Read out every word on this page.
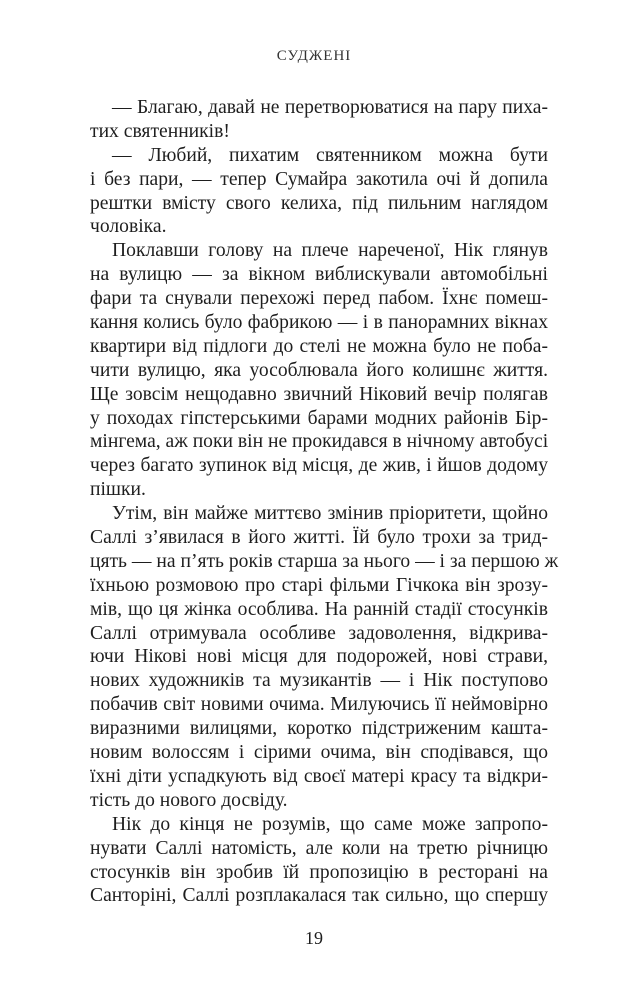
СУДЖЕНІ
— Благаю, давай не перетворюватися на пару пиха-
тих святенників!
— Любий, пихатим святенником можна бути
і без пари, — тепер Сумайра закотила очі й допила
рештки вмісту свого келиха, під пильним наглядом
чоловіка.
Поклавши голову на плече нареченої, Нік глянув
на вулицю — за вікном виблискували автомобільні
фари та снували перехожі перед пабом. Їхнє помеш-
кання колись було фабрикою — і в панорамних вікнах
квартири від підлоги до стелі не можна було не поба-
чити вулицю, яка уособлювала його колишнє життя.
Ще зовсім нещодавно звичний Ніковий вечір полягав
у походах гіпстерськими барами модних районів Бір-
мінгема, аж поки він не прокидався в нічному автобусі
через багато зупинок від місця, де жив, і йшов додому
пішки.
Утім, він майже миттєво змінив пріоритети, щойно
Саллі з’явилася в його житті. Їй було трохи за трид-
цять — на п’ять років старша за нього — і за першою ж
їхньою розмовою про старі фільми Гічкока він зрозу-
мів, що ця жінка особлива. На ранній стадії стосунків
Саллі отримувала особливе задоволення, відкрива-
ючи Нікові нові місця для подорожей, нові страви,
нових художників та музикантів — і Нік поступово
побачив світ новими очима. Милуючись її неймовірно
виразними вилицями, коротко підстриженим кашта-
новим волоссям і сірими очима, він сподівався, що
їхні діти успадкують від своєї матері красу та відкри-
тість до нового досвіду.
Нік до кінця не розумів, що саме може запропо-
нувати Саллі натомість, але коли на третю річницю
стосунків він зробив їй пропозицію в ресторані на
Санторіні, Саллі розплакалася так сильно, що спершу
19
